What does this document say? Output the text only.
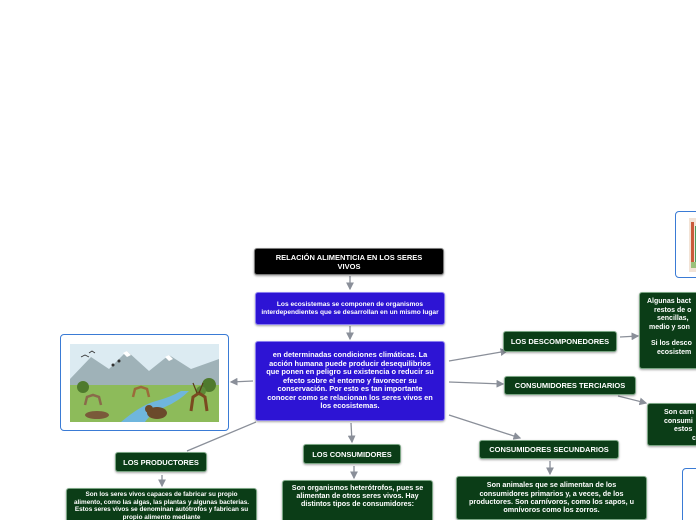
RELACIÓN ALIMENTICIA EN LOS SERES VIVOS
Los ecosistemas se componen de organismos interdependientes que se desarrollan en un mismo lugar
en determinadas condiciones climáticas. La acción humana puede producir desequilibrios que ponen en peligro su existencia o reducir su efecto sobre el entorno y favorecer su conservación. Por esto es tan importante conocer como se relacionan los seres vivos en los ecosistemas.
LOS PRODUCTORES
Son los seres vivos capaces de fabricar su propio alimento, como las algas, las plantas y algunas bacterias. Estos seres vivos se denominan autótrofos y fabrican su propio alimento mediante
LOS CONSUMIDORES
Son organismos heterótrofos, pues se alimentan de otros seres vivos. Hay distintos tipos de consumidores:
LOS DESCOMPONEDORES
Algunas bact
restos de o
sencillas,
medio y son
Si los desco
ecosistem
CONSUMIDORES TERCIARIOS
Son carn
consumi
estos
c
CONSUMIDORES SECUNDARIOS
Son animales que se alimentan de los consumidores primarios y, a veces, de los productores. Son carnívoros, como los sapos, u omnívoros como los zorros.
